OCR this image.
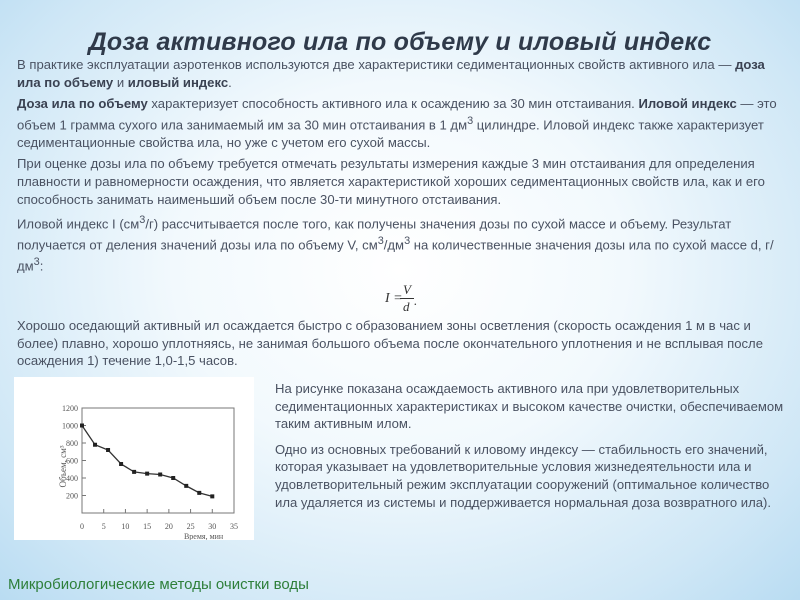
Доза активного ила по объему и иловый индекс

В практике эксплуатации аэротенков используются две характеристики седиментационных свойств активного ила — доза ила по объему и иловый индекс.

Доза ила по объему характеризует способность активного ила к осаждению за 30 мин отстаивания. Иловой индекс — это объем 1 грамма сухого ила занимаемый им за 30 мин отстаивания в 1 $дм^3$ цилиндре. Иловой индекс также характеризует седиментационные свойства ила, но уже с учетом его сухой массы.

При оценке дозы ила по объему требуется отмечать результаты измерения каждые 3 мин отстаивания для определения плавности и равномерности осаждения, что является характеристикой хороших седиментационных свойств ила, как и его способность занимать наименьший объем после 30-ти минутного отстаивания.

Иловой индекс I $(см^3/г)$ рассчитывается после того, как получены значения дозы по сухой массе и объему. Результат получается от деления значений дозы ила по объему V, $см^3/дм^3$ на количественные значения дозы ила по сухой массе d, $г/дм^3$:

Хорошо оседающий активный ил осаждается быстро с образованием зоны осветления (скорость осаждения 1 м в час и более) плавно, хорошо уплотняясь, не занимая большого объема после окончательного уплотнения и не всплывая после осаждения 1) течение 1,0-1,5 часов.

I =
V
d .
Объем, см³
Время, мин
200
400
600
800
1000
1200
0 5 10 15 20 25 30 35

На рисунке показана осаждаемость активного ила при удовлетворительных седиментационных характеристиках и высоком качестве очистки, обеспечиваемом таким активным илом.

Одно из основных требований к иловому индексу — стабильность его значений, которая указывает на удовлетворительные условия жизнедеятельности ила и удовлетворительный режим эксплуатации сооружений (оптимальное количество ила удаляется из системы и поддерживается нормальная доза возвратного ила).

Микробиологические методы очистки воды
